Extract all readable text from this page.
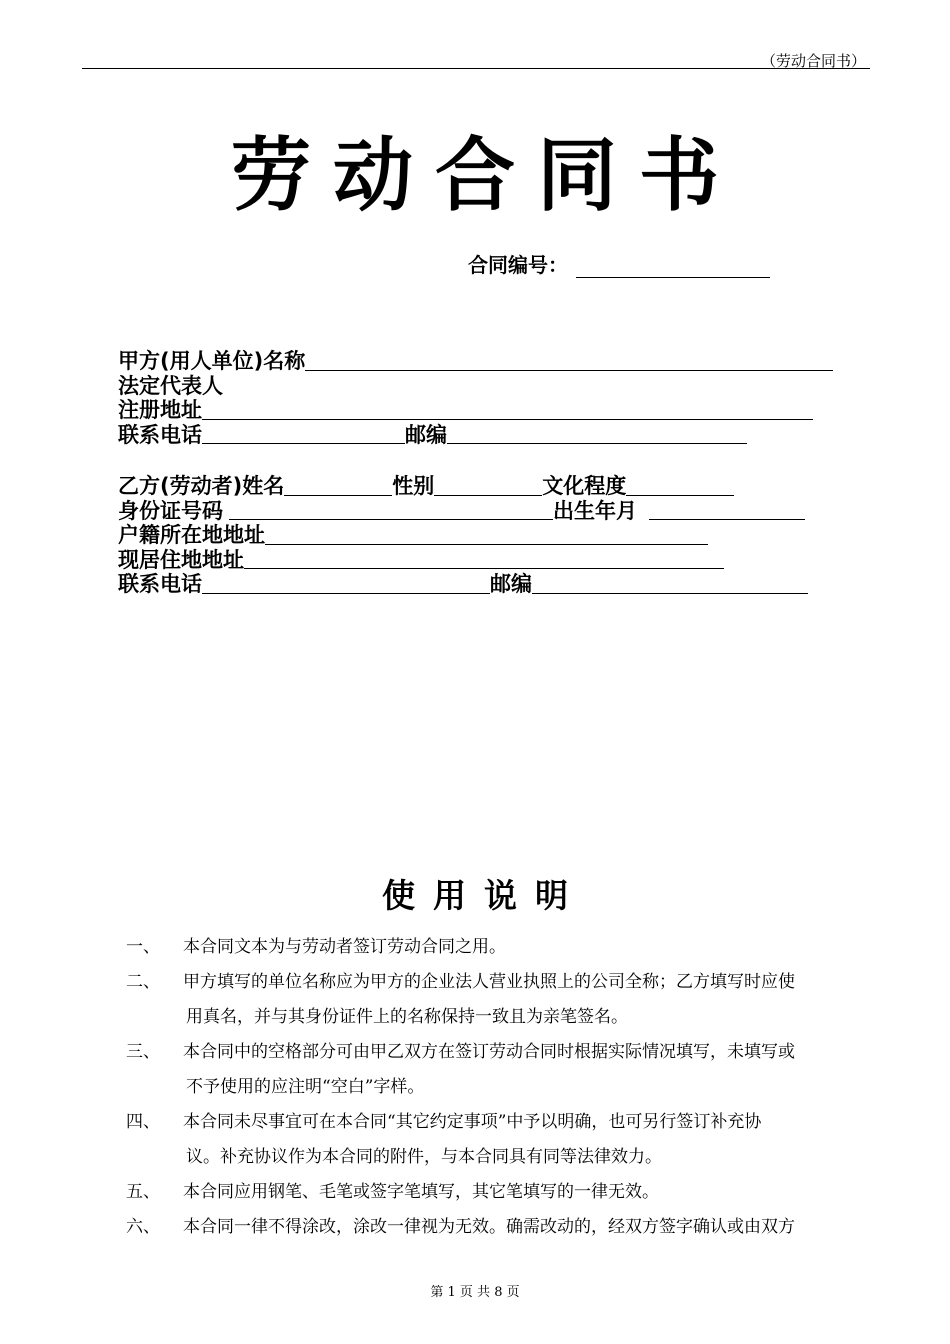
（劳动合同书）
劳动合同书
合同编号：
甲方(用人单位)名称
法定代表人
注册地址
联系电话	邮编
乙方(劳动者)姓名	性别	文化程度
身份证号码	出生年月
户籍所在地地址
现居住地地址
联系电话	邮编
使用说明
一、 本合同文本为与劳动者签订劳动合同之用。
二、 甲方填写的单位名称应为甲方的企业法人营业执照上的公司全称；乙方填写时应使
用真名，并与其身份证件上的名称保持一致且为亲笔签名。
三、 本合同中的空格部分可由甲乙双方在签订劳动合同时根据实际情况填写，未填写或
不予使用的应注明“空白”字样。
四、 本合同未尽事宜可在本合同“其它约定事项”中予以明确，也可另行签订补充协
议。补充协议作为本合同的附件，与本合同具有同等法律效力。
五、 本合同应用钢笔、毛笔或签字笔填写，其它笔填写的一律无效。
六、 本合同一律不得涂改，涂改一律视为无效。确需改动的，经双方签字确认或由双方
第 1 页 共 8 页
